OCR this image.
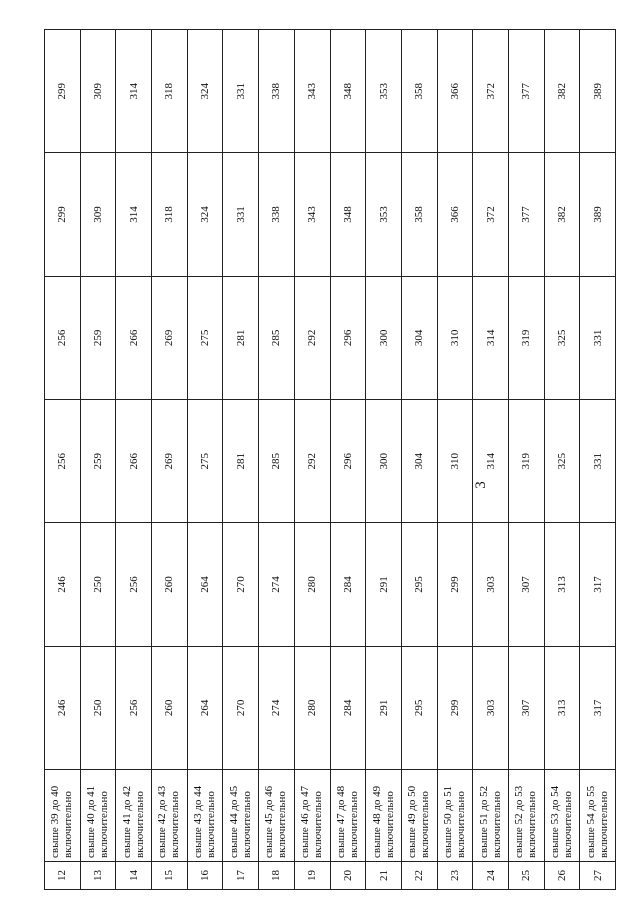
3
12	свыше 39 до 40 включительно	246	246	256	256	299	299
13	свыше 40 до 41 включительно	250	250	259	259	309	309
14	свыше 41 до 42 включительно	256	256	266	266	314	314
15	свыше 42 до 43 включительно	260	260	269	269	318	318
16	свыше 43 до 44 включительно	264	264	275	275	324	324
17	свыше 44 до 45 включительно	270	270	281	281	331	331
18	свыше 45 до 46 включительно	274	274	285	285	338	338
19	свыше 46 до 47 включительно	280	280	292	292	343	343
20	свыше 47 до 48 включительно	284	284	296	296	348	348
21	свыше 48 до 49 включительно	291	291	300	300	353	353
22	свыше 49 до 50 включительно	295	295	304	304	358	358
23	свыше 50 до 51 включительно	299	299	310	310	366	366
24	свыше 51 до 52 включительно	303	303	314	314	372	372
25	свыше 52 до 53 включительно	307	307	319	319	377	377
26	свыше 53 до 54 включительно	313	313	325	325	382	382
27	свыше 54 до 55 включительно	317	317	331	331	389	389
